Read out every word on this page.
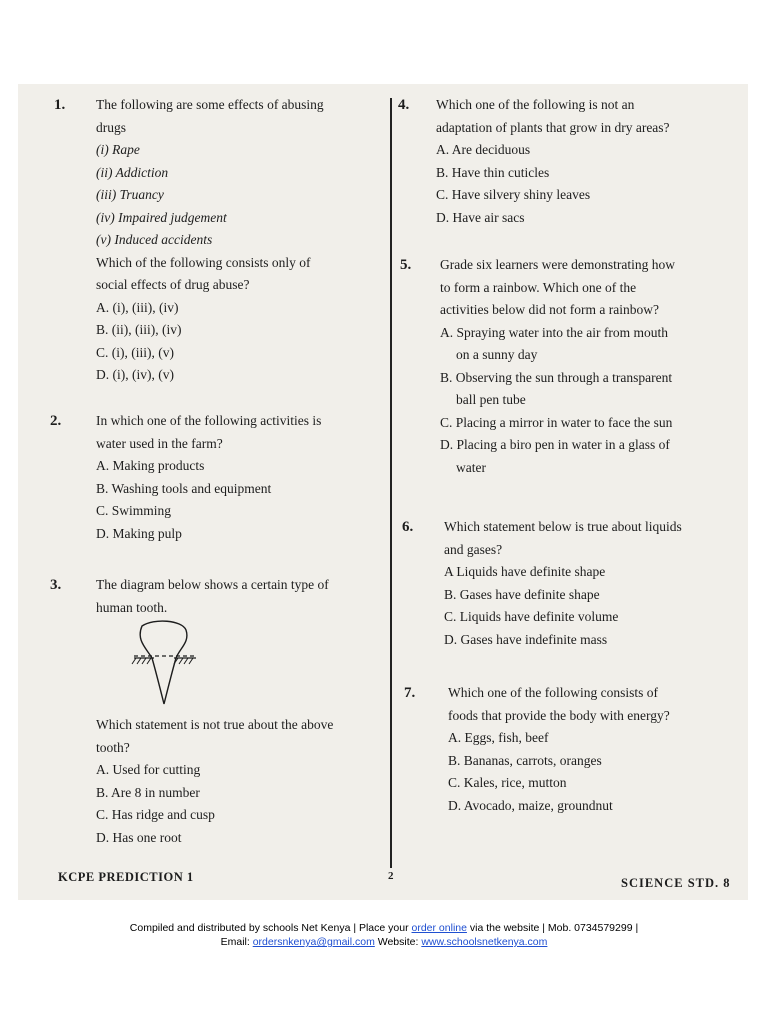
1.	The following are some effects of abusing
drugs
(i) Rape
(ii) Addiction
(iii) Truancy
(iv) Impaired judgement
(v) Induced accidents
Which of the following consists only of
social effects of drug abuse?
A. (i), (iii), (iv)
B. (ii), (iii), (iv)
C. (i), (iii), (v)
D. (i), (iv), (v)
2.	In which one of the following activities is
water used in the farm?
A. Making products
B. Washing tools and equipment
C. Swimming
D. Making pulp
3.	The diagram below shows a certain type of
human tooth.
Which statement is not true about the above
tooth?
A. Used for cutting
B. Are 8 in number
C. Has ridge and cusp
D. Has one root
4.	Which one of the following is not an
adaptation of plants that grow in dry areas?
A. Are deciduous
B. Have thin cuticles
C. Have silvery shiny leaves
D. Have air sacs
5.	Grade six learners were demonstrating how
to form a rainbow. Which one of the
activities below did not form a rainbow?
A. Spraying water into the air from mouth
on a sunny day
B. Observing the sun through a transparent
ball pen tube
C. Placing a mirror in water to face the sun
D. Placing a biro pen in water in a glass of
water
6.	Which statement below is true about liquids
and gases?
A Liquids have definite shape
B. Gases have definite shape
C. Liquids have definite volume
D. Gases have indefinite mass
7.	Which one of the following consists of
foods that provide the body with energy?
A. Eggs, fish, beef
B. Bananas, carrots, oranges
C. Kales, rice, mutton
D. Avocado, maize, groundnut
KCPE PREDICTION 1	2	SCIENCE STD. 8
Compiled and distributed by schools Net Kenya | Place your order online via the website | Mob. 0734579299 |
Email: ordersnkenya@gmail.com Website: www.schoolsnetkenya.com
